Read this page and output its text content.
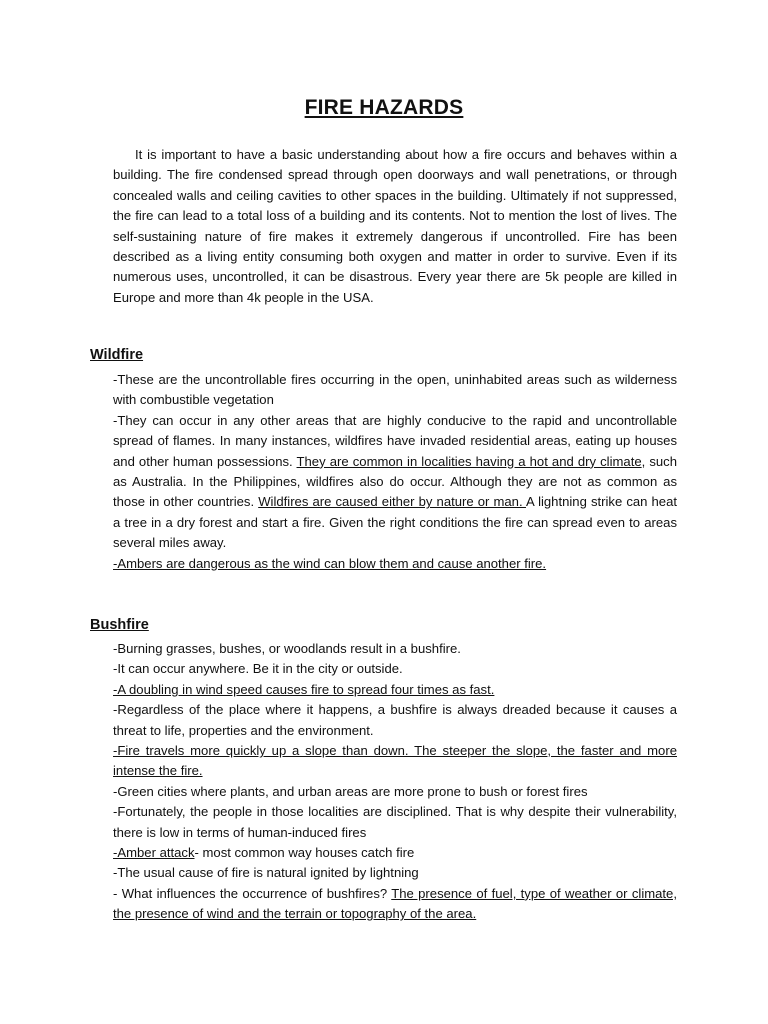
FIRE HAZARDS

It is important to have a basic understanding about how a fire occurs and behaves within a building. The fire condensed spread through open doorways and wall penetrations, or through concealed walls and ceiling cavities to other spaces in the building. Ultimately if not suppressed, the fire can lead to a total loss of a building and its contents. Not to mention the lost of lives. The self-sustaining nature of fire makes it extremely dangerous if uncontrolled. Fire has been described as a living entity consuming both oxygen and matter in order to survive. Even if its numerous uses, uncontrolled, it can be disastrous. Every year there are 5k people are killed in Europe and more than 4k people in the USA.

Wildfire

-These are the uncontrollable fires occurring in the open, uninhabited areas such as wilderness with combustible vegetation

-They can occur in any other areas that are highly conducive to the rapid and uncontrollable spread of flames. In many instances, wildfires have invaded residential areas, eating up houses and other human possessions. They are common in localities having a hot and dry climate, such as Australia. In the Philippines, wildfires also do occur. Although they are not as common as those in other countries. Wildfires are caused either by nature or man. A lightning strike can heat a tree in a dry forest and start a fire. Given the right conditions the fire can spread even to areas several miles away.

-Ambers are dangerous as the wind can blow them and cause another fire.

Bushfire

-Burning grasses, bushes, or woodlands result in a bushfire.

-It can occur anywhere. Be it in the city or outside.

-A doubling in wind speed causes fire to spread four times as fast.

-Regardless of the place where it happens, a bushfire is always dreaded because it causes a threat to life, properties and the environment.

-Fire travels more quickly up a slope than down. The steeper the slope, the faster and more intense the fire.

-Green cities where plants, and urban areas are more prone to bush or forest fires

-Fortunately, the people in those localities are disciplined. That is why despite their vulnerability, there is low in terms of human-induced fires

-Amber attack- most common way houses catch fire

-The usual cause of fire is natural ignited by lightning

- What influences the occurrence of bushfires? The presence of fuel, type of weather or climate, the presence of wind and the terrain or topography of the area.
